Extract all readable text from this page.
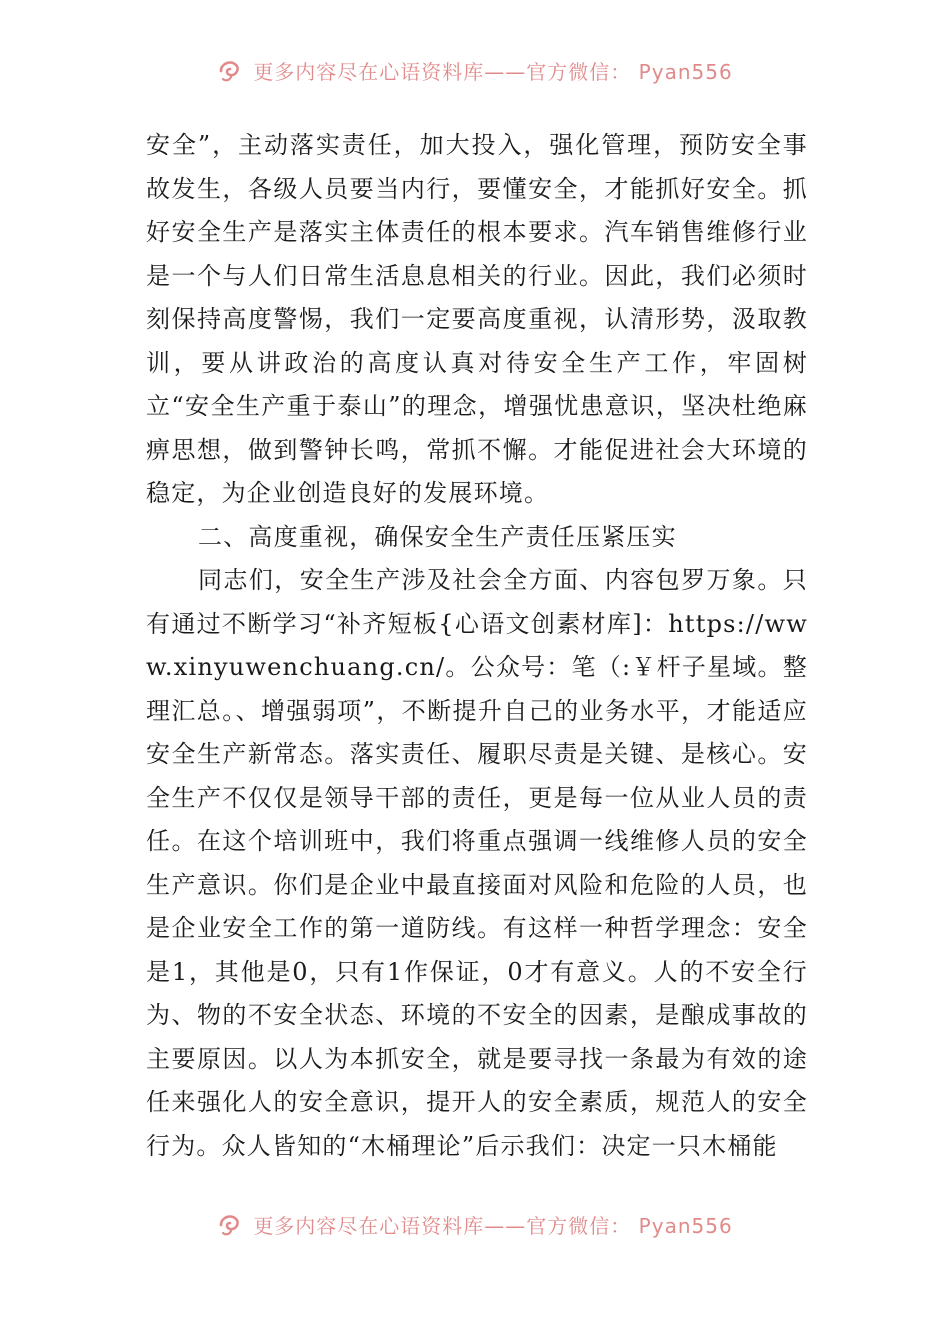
更多内容尽在心语资料库——官方微信： Pyan556

安全”，主动落实责任，加大投入，强化管理，预防安全事故发生，各级人员要当内行，要懂安全，才能抓好安全。抓好安全生产是落实主体责任的根本要求。汽车销售维修行业是一个与人们日常生活息息相关的行业。因此，我们必须时刻保持高度警惕，我们一定要高度重视，认清形势，汲取教训，要从讲政治的高度认真对待安全生产工作，牢固树立“安全生产重于泰山”的理念，增强忧患意识，坚决杜绝麻痹思想，做到警钟长鸣，常抓不懈。才能促进社会大环境的稳定，为企业创造良好的发展环境。

二、高度重视，确保安全生产责任压紧压实

同志们，安全生产涉及社会全方面、内容包罗万象。只有通过不断学习“补齐短板{心语文创素材库]：https://www.xinyuwenchuang.cn/。公众号：笔（:￥杆子星域。整理汇总。、增强弱项”，不断提升自己的业务水平，才能适应安全生产新常态。落实责任、履职尽责是关键、是核心。安全生产不仅仅是领导干部的责任，更是每一位从业人员的责任。在这个培训班中，我们将重点强调一线维修人员的安全生产意识。你们是企业中最直接面对风险和危险的人员，也是企业安全工作的第一道防线。有这样一种哲学理念：安全是1，其他是0，只有1作保证，0才有意义。人的不安全行为、物的不安全状态、环境的不安全的因素，是酿成事故的主要原因。以人为本抓安全，就是要寻找一条最为有效的途任来强化人的安全意识，提开人的安全素质，规范人的安全行为。众人皆知的“木桶理论”后示我们：决定一只木桶能

更多内容尽在心语资料库——官方微信： Pyan556
